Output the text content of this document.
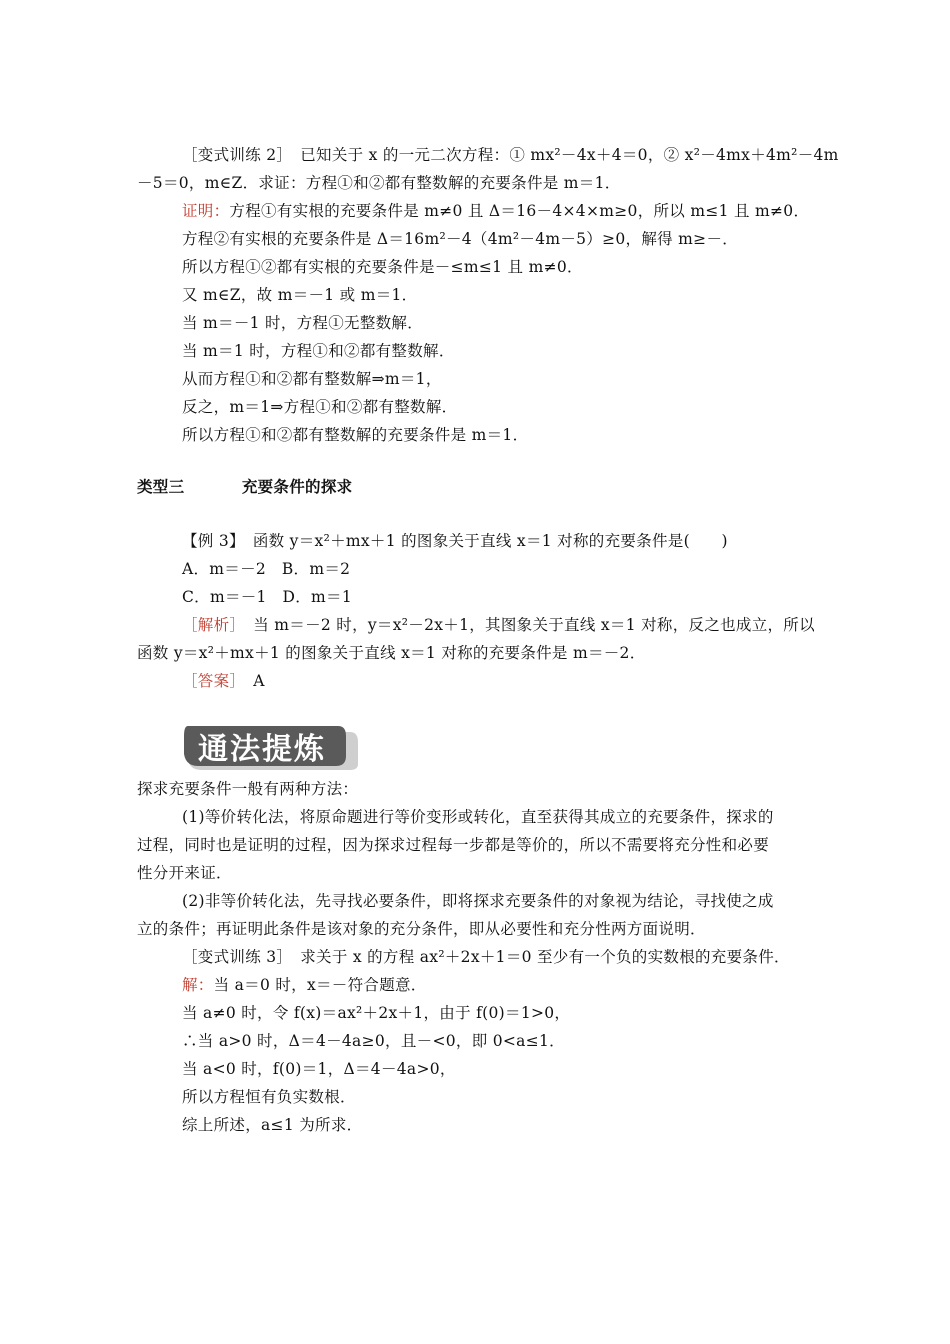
类型三	充要条件的探求
通法提炼
［变式训练 2］　已知关于 x 的一元二次方程：① mx²－4x＋4＝0，② x²－4mx＋4m²－4m
－5＝0，m∈Z．求证：方程①和②都有整数解的充要条件是 m＝1．
证明：方程①有实根的充要条件是 m≠0 且 Δ＝16－4×4×m≥0，所以 m≤1 且 m≠0．
方程②有实根的充要条件是 Δ＝16m²－4（4m²－4m－5）≥0，解得 m≥－．
所以方程①②都有实根的充要条件是－≤m≤1 且 m≠0．
又 m∈Z，故 m＝－1 或 m＝1．
当 m＝－1 时，方程①无整数解．
当 m＝1 时，方程①和②都有整数解．
从而方程①和②都有整数解⇒m＝1，
反之，m＝1⇒方程①和②都有整数解．
所以方程①和②都有整数解的充要条件是 m＝1．
【例 3】　函数 y＝x²＋mx＋1 的图象关于直线 x＝1 对称的充要条件是(　　)
A．m＝－2　B．m＝2
C．m＝－1　D．m＝1
［解析］　当 m＝－2 时，y＝x²－2x＋1，其图象关于直线 x＝1 对称，反之也成立，所以
函数 y＝x²＋mx＋1 的图象关于直线 x＝1 对称的充要条件是 m＝－2．
［答案］　A
探求充要条件一般有两种方法：
(1)等价转化法，将原命题进行等价变形或转化，直至获得其成立的充要条件，探求的
过程，同时也是证明的过程，因为探求过程每一步都是等价的，所以不需要将充分性和必要
性分开来证．
(2)非等价转化法，先寻找必要条件，即将探求充要条件的对象视为结论，寻找使之成
立的条件；再证明此条件是该对象的充分条件，即从必要性和充分性两方面说明．
［变式训练 3］　求关于 x 的方程 ax²＋2x＋1＝0 至少有一个负的实数根的充要条件．
解：当 a＝0 时，x＝－符合题意．
当 a≠0 时，令 f(x)＝ax²＋2x＋1，由于 f(0)＝1>0，
∴当 a>0 时，Δ＝4－4a≥0，且－<0，即 0<a≤1．
当 a<0 时，f(0)＝1，Δ＝4－4a>0，
所以方程恒有负实数根．
综上所述，a≤1 为所求．
